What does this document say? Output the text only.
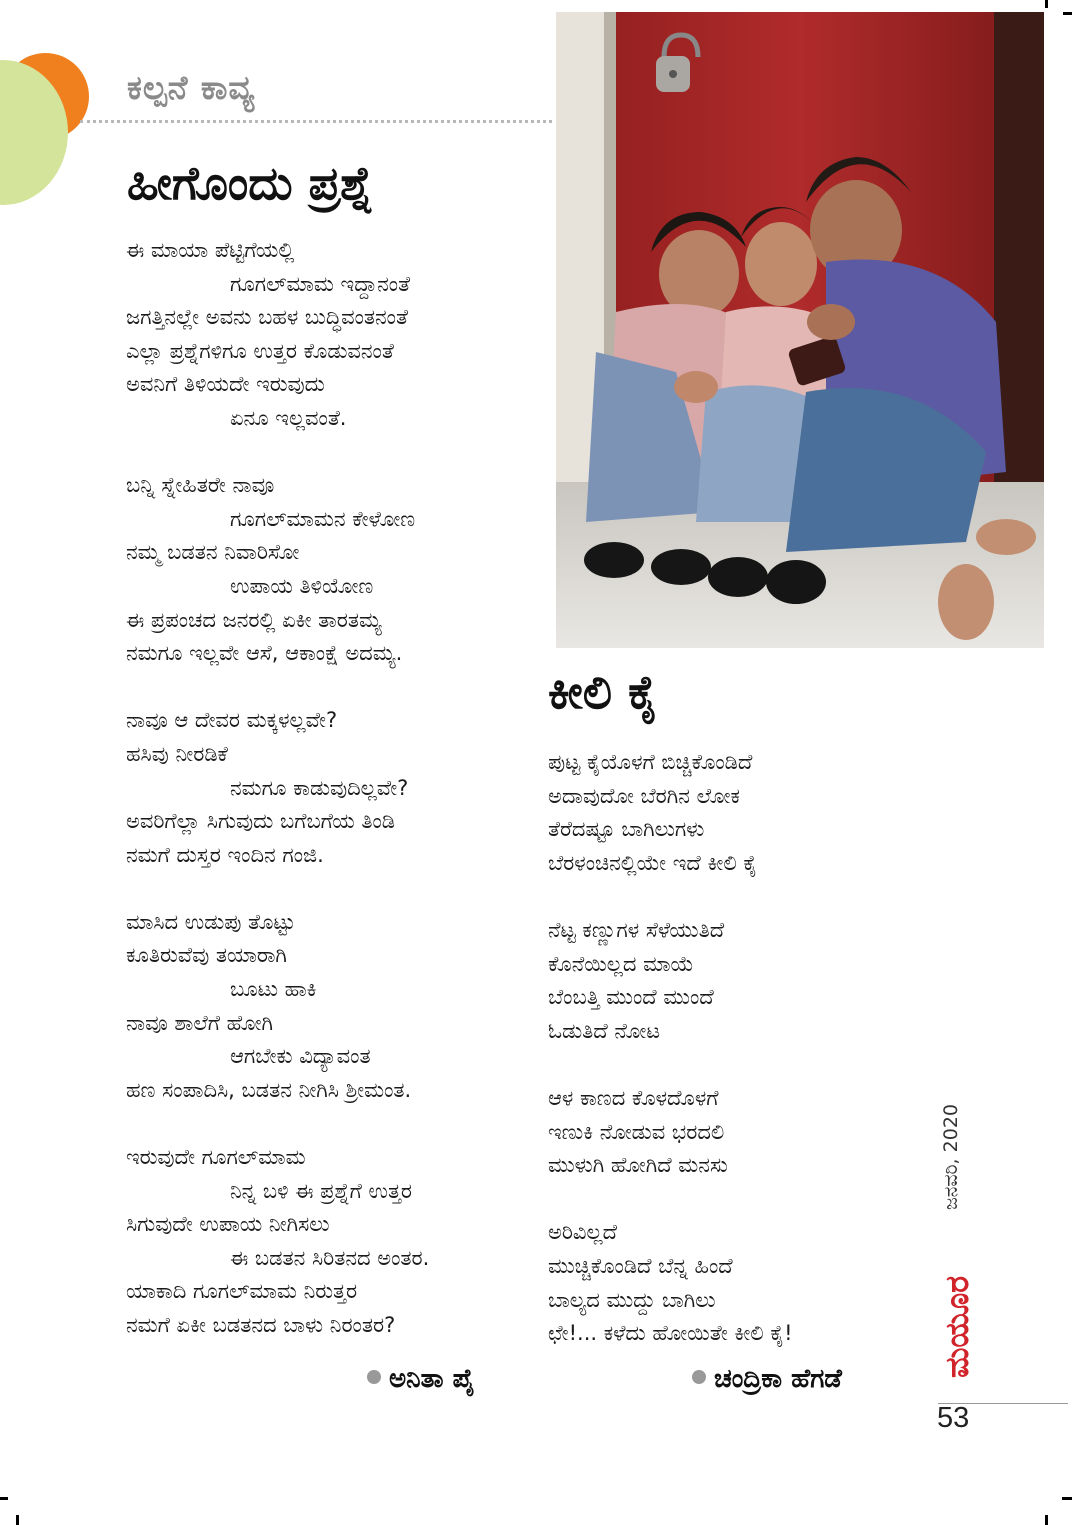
ಕಲ್ಪನೆ ಕಾವ್ಯ
ಹೀಗೊಂದು ಪ್ರಶ್ನೆ
ಈ ಮಾಯಾ ಪೆಟ್ಟಿಗೆಯಲ್ಲಿ
ಗೂಗಲ್‌ಮಾಮ ಇದ್ದಾನಂತೆ
ಜಗತ್ತಿನಲ್ಲೇ ಅವನು ಬಹಳ ಬುದ್ಧಿವಂತನಂತೆ
ಎಲ್ಲಾ ಪ್ರಶ್ನೆಗಳಿಗೂ ಉತ್ತರ ಕೊಡುವನಂತೆ
ಅವನಿಗೆ ತಿಳಿಯದೇ ಇರುವುದು
ಏನೂ ಇಲ್ಲವಂತೆ.
ಬನ್ನಿ ಸ್ನೇಹಿತರೇ ನಾವೂ
ಗೂಗಲ್‌ಮಾಮನ ಕೇಳೋಣ
ನಮ್ಮ ಬಡತನ ನಿವಾರಿಸೋ
ಉಪಾಯ ತಿಳಿಯೋಣ
ಈ ಪ್ರಪಂಚದ ಜನರಲ್ಲಿ ಏಕೀ ತಾರತಮ್ಯ
ನಮಗೂ ಇಲ್ಲವೇ ಆಸೆ, ಆಕಾಂಕ್ಷೆ ಅದಮ್ಯ.
ನಾವೂ ಆ ದೇವರ ಮಕ್ಕಳಲ್ಲವೇ?
ಹಸಿವು ನೀರಡಿಕೆ
ನಮಗೂ ಕಾಡುವುದಿಲ್ಲವೇ?
ಅವರಿಗೆಲ್ಲಾ ಸಿಗುವುದು ಬಗೆಬಗೆಯ ತಿಂಡಿ
ನಮಗೆ ದುಸ್ತರ ಇಂದಿನ ಗಂಜಿ.
ಮಾಸಿದ ಉಡುಪು ತೊಟ್ಟು
ಕೂತಿರುವೆವು ತಯಾರಾಗಿ
ಬೂಟು ಹಾಕಿ
ನಾವೂ ಶಾಲೆಗೆ ಹೋಗಿ
ಆಗಬೇಕು ವಿದ್ಯಾವಂತ
ಹಣ ಸಂಪಾದಿಸಿ, ಬಡತನ ನೀಗಿಸಿ ಶ್ರೀಮಂತ.
ಇರುವುದೇ ಗೂಗಲ್‌ಮಾಮ
ನಿನ್ನ ಬಳಿ ಈ ಪ್ರಶ್ನೆಗೆ ಉತ್ತರ
ಸಿಗುವುದೇ ಉಪಾಯ ನೀಗಿಸಲು
ಈ ಬಡತನ ಸಿರಿತನದ ಅಂತರ.
ಯಾಕಾದಿ ಗೂಗಲ್‌ಮಾಮ ನಿರುತ್ತರ
ನಮಗೆ ಏಕೀ ಬಡತನದ ಬಾಳು ನಿರಂತರ?
ಅನಿತಾ ಪೈ
ಕೀಲಿ ಕೈ
ಪುಟ್ಟ ಕೈಯೊಳಗೆ ಬಿಚ್ಚಿಕೊಂಡಿದೆ
ಅದಾವುದೋ ಬೆರಗಿನ ಲೋಕ
ತೆರೆದಷ್ಟೂ ಬಾಗಿಲುಗಳು
ಬೆರಳಂಚಿನಲ್ಲಿಯೇ ಇದೆ ಕೀಲಿ ಕೈ
ನೆಟ್ಟ ಕಣ್ಣುಗಳ ಸೆಳೆಯುತಿದೆ
ಕೊನೆಯಿಲ್ಲದ ಮಾಯೆ
ಬೆಂಬತ್ತಿ ಮುಂದೆ ಮುಂದೆ
ಓಡುತಿದೆ ನೋಟ
ಆಳ ಕಾಣದ ಕೊಳದೊಳಗೆ
ಇಣುಕಿ ನೋಡುವ ಭರದಲಿ
ಮುಳುಗಿ ಹೋಗಿದೆ ಮನಸು
ಅರಿವಿಲ್ಲದೆ
ಮುಚ್ಚಿಕೊಂಡಿದೆ ಬೆನ್ನ ಹಿಂದೆ
ಬಾಲ್ಯದ ಮುದ್ದು ಬಾಗಿಲು
ಛೇ!... ಕಳೆದು ಹೋಯಿತೇ ಕೀಲಿ ಕೈ!
ಚಂದ್ರಿಕಾ ಹೆಗಡೆ
ಜನವರಿ, 2020
ಮಯೂರ
53
